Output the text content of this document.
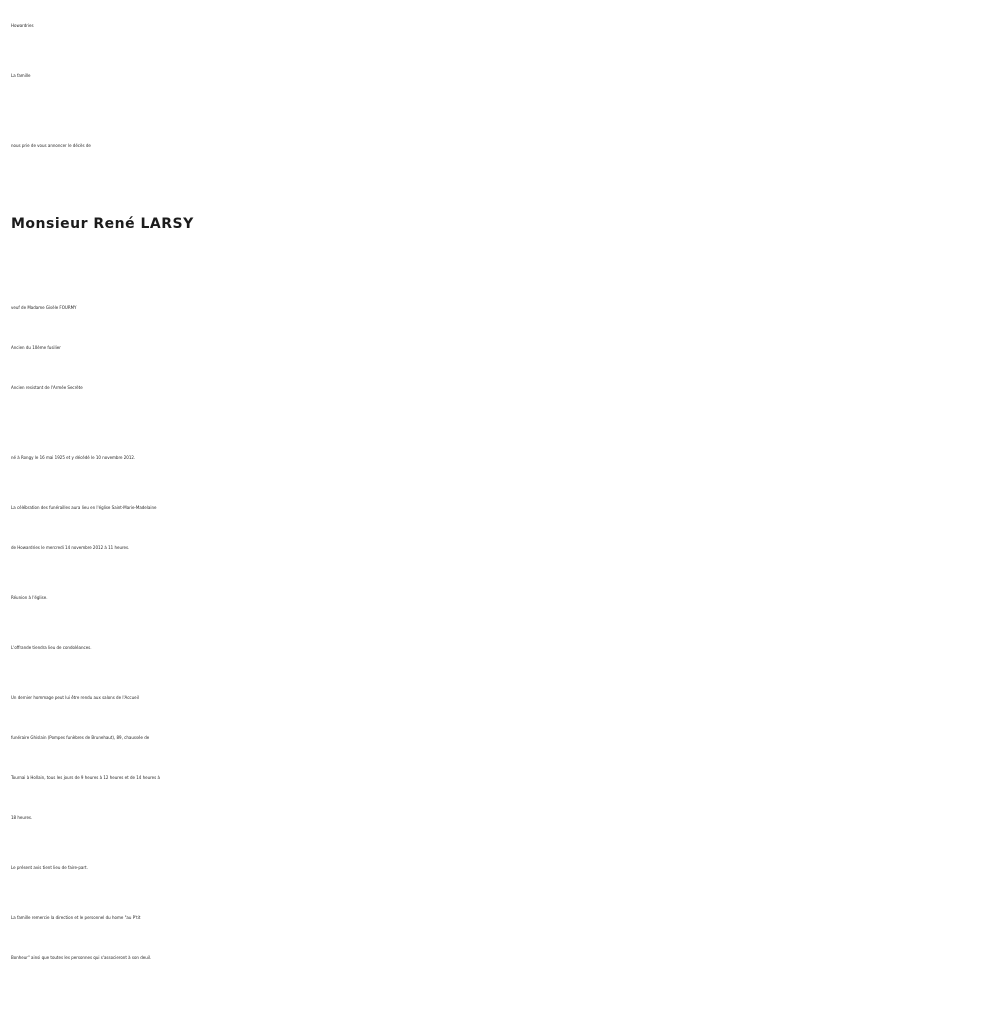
Howardries

La famille

nous prie de vous annoncer le décès de

Monsieur René LARSY

veuf de Madame Gisèle FOURMY

Ancien du 10ème fusilier

Ancien resistant de l'Armée Secrète

né à Rongy le 16 mai 1925 et y décédé le 10 novembre 2012.

La célébration des funérailles aura lieu en l'église Saint-Marie-Madelaine

de Howardries le mercredi 14 novembre 2012 à 11 heures.

Réunion à l'église.

L'offrande tiendra lieu de condoléances.

Un dernier hommage peut lui être rendu aux salons de l'Accueil

funéraire Ghislain (Pompes funèbres de Brunehaut), 89, chaussée de

Tournai à Hollain, tous les jours de 9 heures à 12 heures et de 14 heures à

18 heures.

Le présent avis tient lieu de faire-part.

La famille remercie la direction et le personnel du home "au P'tit

Bonheur" ainsi que toutes les personnes qui s'associeront à son deuil.
